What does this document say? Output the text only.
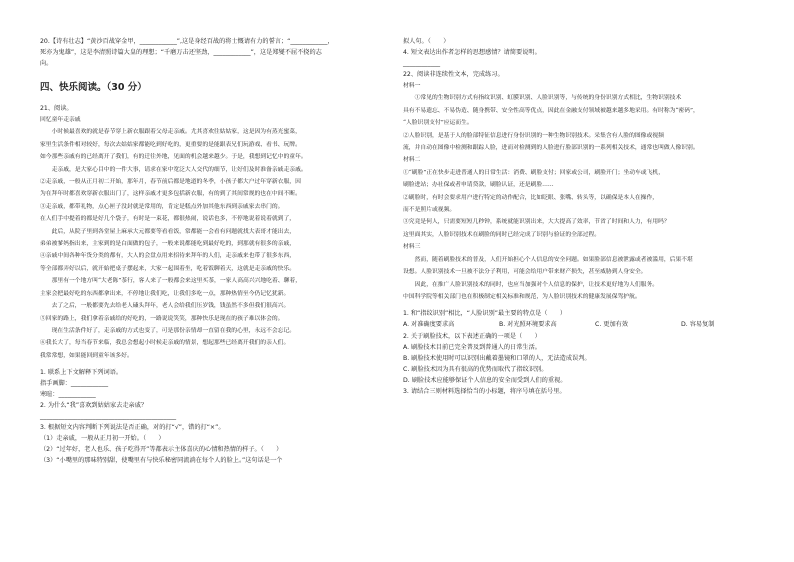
20.【诗有壮志】“黄沙百战穿金甲，____________”,这是身经百战的将士慨请有力的誓言；“____________，

死亦为鬼雄”，这是李清照诗篇大皇的理想；“千磨万击还坚劲，____________”，这是郑燮不屈不挠的志

向。

四、快乐阅读。（30 分）

21、阅读。

回忆童年走亲戚

　　小时候最喜欢的就是春节穿上新衣服跟着父母走亲戚。尤其喜欢往姑姑家，这是因为有蒸光蜜菜，

家里生活条件相对较好，每次去姑姑家都能吃到好吃的，更重要的是能跟表兄们玩游戏、看书、玩牌。

如今那些亲戚有的已经离开了我们，有的迁往外地，见面的机会越来越少。于是，我想到记忆中的童年。

　　走亲戚，是大家心目中的一件大事，请求在家中宽泛大人交代的细节，让好们及时准备亲戚走亲戚。

②走亲戚，一般从正月初二开始，那年月，春节前后都是地道的冬季，小孩子都大户过年穿新衣服，因

为在拜年时都喜欢穿新衣服出门了，这样亲戚才更多包括新衣服，有的到了其间常规的也在中间不断。

③走亲戚，都带礼物，点心匣子没封就是常用的，肯定是糕点外加其他东西到亲戚家去串门的。

在人们手中提着的都是好几个袋子，有时是一束花，都很热闹，说话也多，不停地说着说着就到了，

　　此后，从院子里到各堂屋上麻承大元都要等看看饭，常都能一会看有问题就找大表哥才能出去，

弟弟被爹妈指出来，主家到的是白面做的包子，一般来说都能吃到最好吃的，到那就有很多的亲戚，

④亲戚中间各种年货分类的都有，大人的会盘点用来招待来拜年的人们，走亲戚来也带了很多东西，

等全部都弄好以后，就开始把桌子摆起来，大家一起围着坐，吃着饭聊着天，这就是走亲戚的快乐。

　　那里有一个地方叫“大老陈”茶行，客人来了一般都会来这里买茶，一家人高高兴兴地吃着、聊着，

主家会把最好吃的东西都拿出来，不停地让我们吃，让我们多吃一点，那种热情至今仍记忆犹新。

　　去了之后，一般都要先去给老人磕头拜年，老人会给我们压岁钱，钱虽然不多但我们很高兴。

⑤回家的路上，我们拿着亲戚给的好吃的，一路说说笑笑，那种快乐是现在的孩子难以体会的。

　　现在生活条件好了，走亲戚的方式也变了，可是那份亲情却一直留在我的心里，永远不会忘记。

⑥我长大了，每当春节来临，我总会想起小时候走亲戚的情景，想起那些已经离开我们的亲人们。

我常常想，如果能回到童年该多好。

1. 联系上下文解释下列词语。

指手画脚：____________

寒暄：____________

2. 为什么“我”喜欢到姑姑家去走亲戚？

____________________________________________

3. 根据短文内容判断下列说法是否正确，对的打“√”，错的打“×”。

（1）走亲戚，一般从正月初一开始。（　　）

（2）“过年好，老人也乐、孩子吃得开”等都表示主体喜庆的心情和热情的样子。（　　）

（3）“小嘴里的那味特别甜，使嘴里有与快乐秘密同流淌在每个人的脸上。”这句话是一个

拟人句。（　　）

4. 短文表达出作者怎样的思想感情？请简要说明。

____________

22、阅读非连续性文本，完成练习。

材料一

　　①常见的生物识别方式有指纹识别、虹膜识别、人脸识别等，与传统的身份识别方式相比，生物识别技术

具有不易遗忘、不易伪造、随身携带、安全性高等优点，因此在金融支付领域被越来越多地采用。有时称为“密码”，

“人脸识别支付”应运而生。

②人脸识别，是基于人的脸部特征信息进行身份识别的一种生物识别技术。采集含有人脸的图像或视频

流，并自动在图像中检测和跟踪人脸，进而对检测到的人脸进行脸部识别的一系列相关技术，通常也叫做人像识别。

材料二

①“刷脸”正在快步走进普通人的日常生活：消费、刷脸支付；回家或公司，刷脸开门；坐动车或飞机，

刷脸进站；办社保或者申请贷款，刷脸认证，还是刷脸……

②刷脸时，有时会要求用户进行特定的动作配合，比如眨眼、张嘴、转头等，以确保是本人在操作，

而不是照片或视频。

③究竟是何人，只需要短短几秒钟，系统就能识别出来，大大提高了效率，节省了时间和人力，有用吗？

这里面其实，人脸识别技术在刷脸的同时已经完成了识别与验证的全部过程。

材料三

　　然而，随着刷脸技术的普及，人们开始担心个人信息的安全问题。如果脸部信息被泄露或者被滥用，后果不堪

设想。人脸识别技术一旦被不法分子利用，可能会给用户带来财产损失，甚至威胁到人身安全。

　　因此，在推广人脸识别技术的同时，也应当加强对个人信息的保护，让技术更好地为人们服务。

中国科学院等相关部门也在积极制定相关标准和规范，为人脸识别技术的健康发展保驾护航。

1. 和“指纹识别”相比，“人脸识别”最主要的特点是（　　）

A. 对准确度要求高	B. 对光照环境要求高	C. 更加有效	D. 容易复制

2. 关于刷脸技术，以下表述正确的一项是（　　）

A. 刷脸技术目前已完全普及到普通人的日常生活。

B. 刷脸技术使用时可以识别出戴着墨镜和口罩的人，无法造成误判。

C. 刷脸技术因为具有很高的优势而取代了指纹识别。

D. 刷脸技术应能够保证个人信息的安全而受到人们的重视。

3. 请结合三则材料选择恰当的小标题，将序号填在括号里。
